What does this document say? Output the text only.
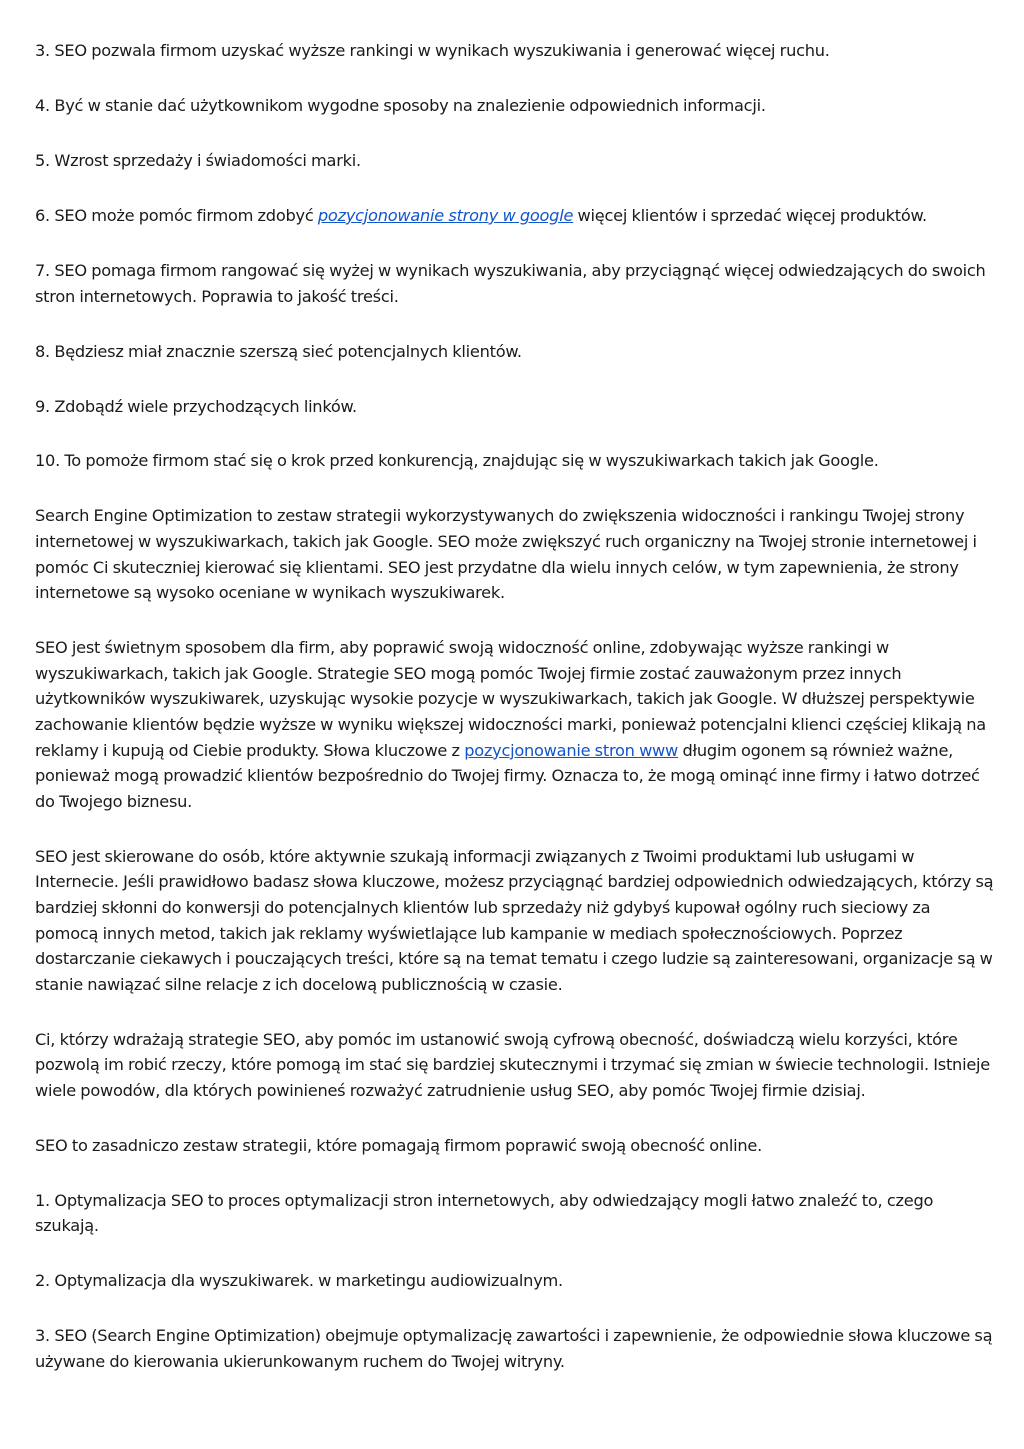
3. SEO pozwala firmom uzyskać wyższe rankingi w wynikach wyszukiwania i generować więcej ruchu.

4. Być w stanie dać użytkownikom wygodne sposoby na znalezienie odpowiednich informacji.

5. Wzrost sprzedaży i świadomości marki.

6. SEO może pomóc firmom zdobyć pozycjonowanie strony w google więcej klientów i sprzedać więcej produktów.

7. SEO pomaga firmom rangować się wyżej w wynikach wyszukiwania, aby przyciągnąć więcej odwiedzających do swoich stron internetowych. Poprawia to jakość treści.

8. Będziesz miał znacznie szerszą sieć potencjalnych klientów.

9. Zdobądź wiele przychodzących linków.

10. To pomoże firmom stać się o krok przed konkurencją, znajdując się w wyszukiwarkach takich jak Google.

Search Engine Optimization to zestaw strategii wykorzystywanych do zwiększenia widoczności i rankingu Twojej strony internetowej w wyszukiwarkach, takich jak Google. SEO może zwiększyć ruch organiczny na Twojej stronie internetowej i pomóc Ci skuteczniej kierować się klientami. SEO jest przydatne dla wielu innych celów, w tym zapewnienia, że strony internetowe są wysoko oceniane w wynikach wyszukiwarek.

SEO jest świetnym sposobem dla firm, aby poprawić swoją widoczność online, zdobywając wyższe rankingi w wyszukiwarkach, takich jak Google. Strategie SEO mogą pomóc Twojej firmie zostać zauważonym przez innych użytkowników wyszukiwarek, uzyskując wysokie pozycje w wyszukiwarkach, takich jak Google. W dłuższej perspektywie zachowanie klientów będzie wyższe w wyniku większej widoczności marki, ponieważ potencjalni klienci częściej klikają na reklamy i kupują od Ciebie produkty. Słowa kluczowe z pozycjonowanie stron www długim ogonem są również ważne, ponieważ mogą prowadzić klientów bezpośrednio do Twojej firmy. Oznacza to, że mogą ominąć inne firmy i łatwo dotrzeć do Twojego biznesu.

SEO jest skierowane do osób, które aktywnie szukają informacji związanych z Twoimi produktami lub usługami w Internecie. Jeśli prawidłowo badasz słowa kluczowe, możesz przyciągnąć bardziej odpowiednich odwiedzających, którzy są bardziej skłonni do konwersji do potencjalnych klientów lub sprzedaży niż gdybyś kupował ogólny ruch sieciowy za pomocą innych metod, takich jak reklamy wyświetlające lub kampanie w mediach społecznościowych. Poprzez dostarczanie ciekawych i pouczających treści, które są na temat tematu i czego ludzie są zainteresowani, organizacje są w stanie nawiązać silne relacje z ich docelową publicznością w czasie.

Ci, którzy wdrażają strategie SEO, aby pomóc im ustanowić swoją cyfrową obecność, doświadczą wielu korzyści, które pozwolą im robić rzeczy, które pomogą im stać się bardziej skutecznymi i trzymać się zmian w świecie technologii. Istnieje wiele powodów, dla których powinieneś rozważyć zatrudnienie usług SEO, aby pomóc Twojej firmie dzisiaj.

SEO to zasadniczo zestaw strategii, które pomagają firmom poprawić swoją obecność online.

1. Optymalizacja SEO to proces optymalizacji stron internetowych, aby odwiedzający mogli łatwo znaleźć to, czego szukają.

2. Optymalizacja dla wyszukiwarek. w marketingu audiowizualnym.

3. SEO (Search Engine Optimization) obejmuje optymalizację zawartości i zapewnienie, że odpowiednie słowa kluczowe są używane do kierowania ukierunkowanym ruchem do Twojej witryny.
